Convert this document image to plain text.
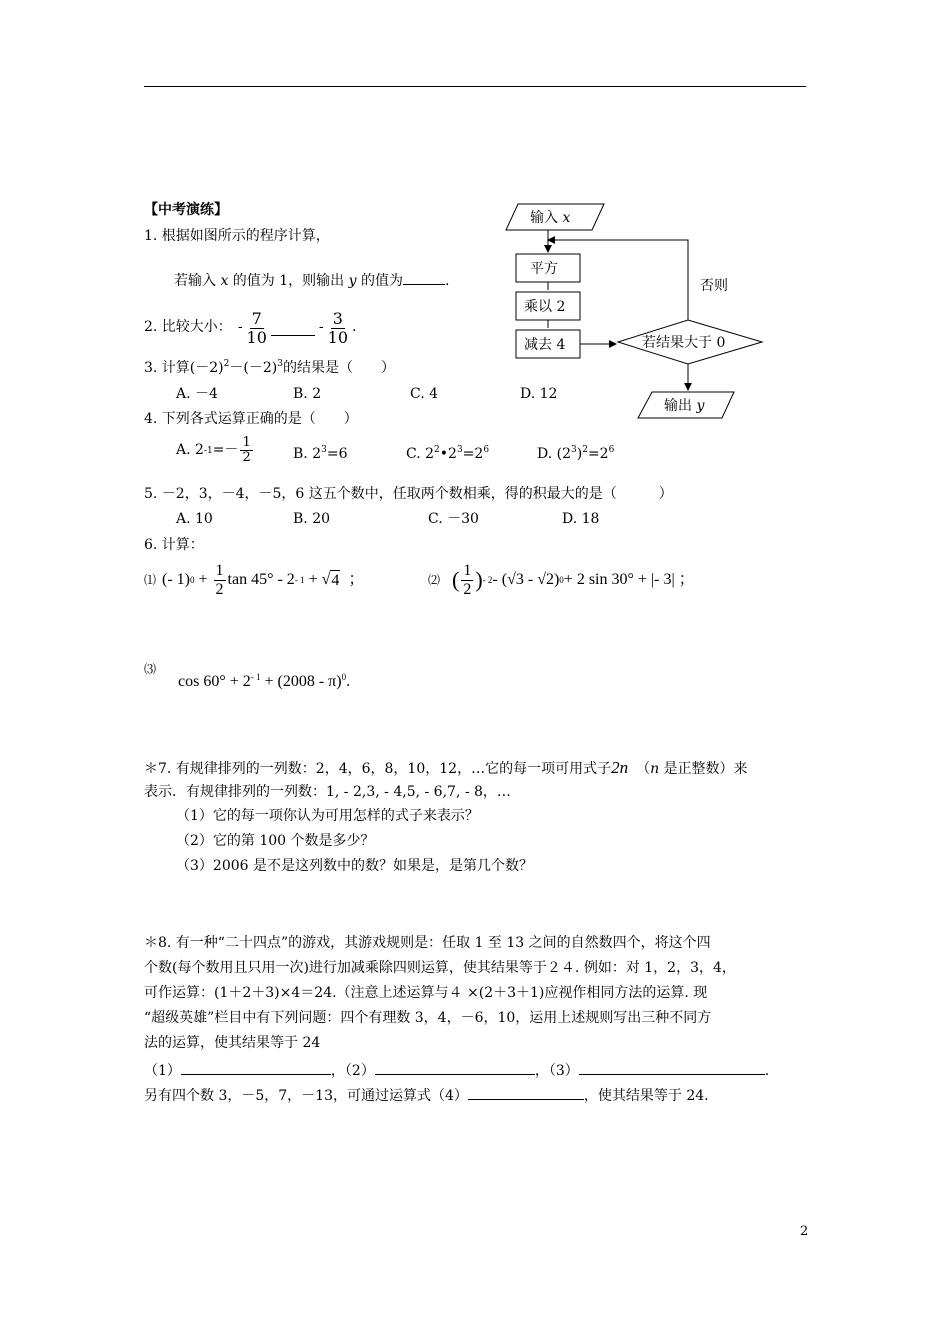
【中考演练】	输入 x
否则
平方
乘以 2
减去 4	若结果大于 0
输出 y
1. 根据如图所示的程序计算，
若输入 x 的值为 1，则输出 y 的值为	.
2. 比较大小： - $\frac{7}{10}$	- $\frac{3}{10}$ .
3. 计算$(-2)^2-(-2)^3$的结果是（　　）
A. －4	B. 2	C. 4	D. 12
4. 下列各式运算正确的是（　　）
A. 2 $-1 =- \frac{1}{2}$	B. $2^3=6$	C. $2^2•2^3=2^6$	D. $(2^3)^2=2^6$
5. －2，3，－4，－5，6 这五个数中，任取两个数相乘，得的积最大的是（　　　）
A. 10	B. 20	C. －30	D. 18
6. 计算：
⑴ (- 1) $0 + \frac{1}{2}$ tan 45° - 2 - 1 + √ 4 ；	⑵ ( $\frac{1}{2}$ ) - 2 - (√3 - √2) 0 + 2 sin 30° + |- 3| ；
⑶
$\cos 60^\circ + 2^{- 1} + (2008 - \pi)^0$.
＊7. 有规律排列的一列数：2，4，6，8，10，12，…它的每一项可用式子2n （n 是正整数）来
表示．有规律排列的一列数：1, - 2,3, - 4,5, - 6,7, - 8，…
（1）它的每一项你认为可用怎样的式子来表示？
（2）它的第 100 个数是多少？
（3）2006 是不是这列数中的数？如果是，是第几个数？
＊8. 有一种“二十四点”的游戏，其游戏规则是：任取 1 至 13 之间的自然数四个，将这个四
个数(每个数用且只用一次)进行加减乘除四则运算，使其结果等于２４. 例如：对 1，2，3，4，
可作运算：(1＋2＋3)×4＝24.（注意上述运算与４ ×(2＋3＋1)应视作相同方法的运算. 现
“超级英雄”栏目中有下列问题：四个有理数 3，4，－6，10，运用上述规则写出三种不同方
法的运算，使其结果等于 24
（1）	，（2）	，（3）	.
另有四个数 3，－5，7，－13，可通过运算式（4）	，使其结果等于 24.
2
